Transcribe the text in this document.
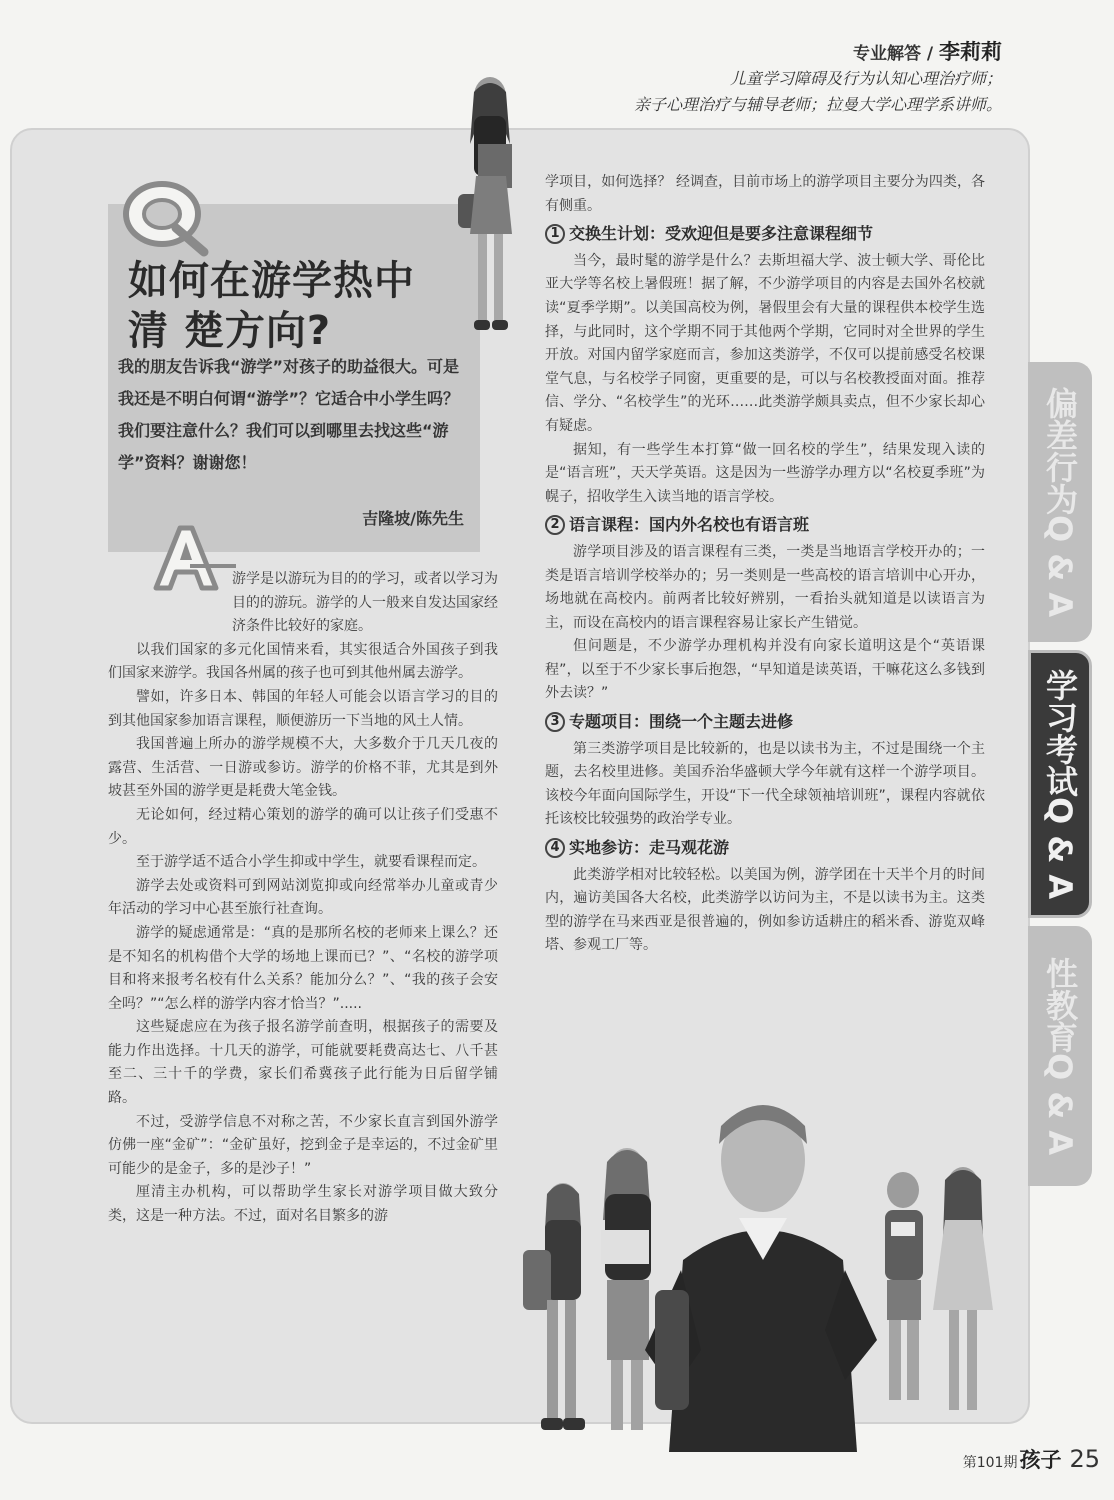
专业解答 / 李莉莉
儿童学习障碍及行为认知心理治疗师；
亲子心理治疗与辅导老师；拉曼大学心理学系讲师。
如何在游学热中
清 楚方向?
我的朋友告诉我“游学”对孩子的助益很大。可是我还是不明白何谓“游学”？它适合中小学生吗？我们要注意什么？我们可以到哪里去找这些“游学”资料？谢谢您！
吉隆坡/陈先生

游学是以游玩为目的的学习，或者以学习为目的的游玩。游学的人一般来自发达国家经济条件比较好的家庭。

以我们国家的多元化国情来看，其实很适合外国孩子到我们国家来游学。我国各州属的孩子也可到其他州属去游学。

譬如，许多日本、韩国的年轻人可能会以语言学习的目的到其他国家参加语言课程，顺便游历一下当地的风土人情。

我国普遍上所办的游学规模不大，大多数介于几天几夜的露营、生活营、一日游或参访。游学的价格不菲，尤其是到外坡甚至外国的游学更是耗费大笔金钱。

无论如何，经过精心策划的游学的确可以让孩子们受惠不少。

至于游学适不适合小学生抑或中学生，就要看课程而定。

游学去处或资料可到网站浏览抑或向经常举办儿童或青少年活动的学习中心甚至旅行社查询。

游学的疑虑通常是：“真的是那所名校的老师来上课么？还是不知名的机构借个大学的场地上课而已？”、“名校的游学项目和将来报考名校有什么关系？能加分么？”、“我的孩子会安全吗？”“怎么样的游学内容才恰当？”.....

这些疑虑应在为孩子报名游学前查明，根据孩子的需要及能力作出选择。十几天的游学，可能就要耗费高达七、八千甚至二、三十千的学费，家长们希冀孩子此行能为日后留学铺路。

不过，受游学信息不对称之苦，不少家长直言到国外游学仿佛一座“金矿”：“金矿虽好，挖到金子是幸运的，不过金矿里可能少的是金子，多的是沙子！”

厘清主办机构，可以帮助学生家长对游学项目做大致分类，这是一种方法。不过，面对名目繁多的游

学项目，如何选择？ 经调查，目前市场上的游学项目主要分为四类，各有侧重。

1 交换生计划：受欢迎但是要多注意课程细节

当今，最时髦的游学是什么？去斯坦福大学、波士顿大学、哥伦比亚大学等名校上暑假班！据了解，不少游学项目的内容是去国外名校就读“夏季学期”。以美国高校为例，暑假里会有大量的课程供本校学生选择，与此同时，这个学期不同于其他两个学期，它同时对全世界的学生开放。对国内留学家庭而言，参加这类游学，不仅可以提前感受名校课堂气息，与名校学子同窗，更重要的是，可以与名校教授面对面。推荐信、学分、“名校学生”的光环……此类游学颇具卖点，但不少家长却心有疑虑。

据知，有一些学生本打算“做一回名校的学生”，结果发现入读的是“语言班”，天天学英语。这是因为一些游学办理方以“名校夏季班”为幌子，招收学生入读当地的语言学校。

2 语言课程：国内外名校也有语言班

游学项目涉及的语言课程有三类，一类是当地语言学校开办的；一类是语言培训学校举办的；另一类则是一些高校的语言培训中心开办，场地就在高校内。前两者比较好辨别，一看抬头就知道是以读语言为主，而设在高校内的语言课程容易让家长产生错觉。

但问题是，不少游学办理机构并没有向家长道明这是个“英语课程”，以至于不少家长事后抱怨，“早知道是读英语，干嘛花这么多钱到外去读？”

3 专题项目：围绕一个主题去进修

第三类游学项目是比较新的，也是以读书为主，不过是围绕一个主题，去名校里进修。美国乔治华盛顿大学今年就有这样一个游学项目。该校今年面向国际学生，开设“下一代全球领袖培训班”，课程内容就依托该校比较强势的政治学专业。

4 实地参访：走马观花游

此类游学相对比较轻松。以美国为例，游学团在十天半个月的时间内，遍访美国各大名校，此类游学以访问为主，不是以读书为主。这类型的游学在马来西亚是很普遍的，例如参访适耕庄的稻米香、游览双峰塔、参观工厂等。

偏差行为Q & A
学习考试Q & A
性教育Q & A
第101期 孩子 25
